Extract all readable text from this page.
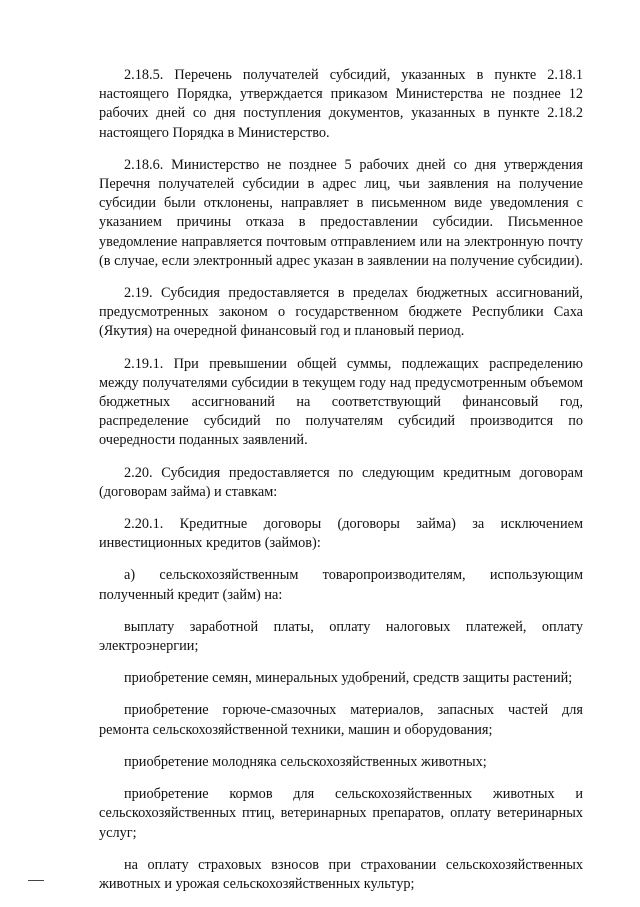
2.18.5. Перечень получателей субсидий, указанных в пункте 2.18.1 настоящего Порядка, утверждается приказом Министерства не позднее 12 рабочих дней со дня поступления документов, указанных в пункте 2.18.2 настоящего Порядка в Министерство.

2.18.6. Министерство не позднее 5 рабочих дней со дня утверждения Перечня получателей субсидии в адрес лиц, чьи заявления на получение субсидии были отклонены, направляет в письменном виде уведомления с указанием причины отказа в предоставлении субсидии. Письменное уведомление направляется почтовым отправлением или на электронную почту (в случае, если электронный адрес указан в заявлении на получение субсидии).

2.19. Субсидия предоставляется в пределах бюджетных ассигнований, предусмотренных законом о государственном бюджете Республики Саха (Якутия) на очередной финансовый год и плановый период.

2.19.1. При превышении общей суммы, подлежащих распределению между получателями субсидии в текущем году над предусмотренным объемом бюджетных ассигнований на соответствующий финансовый год, распределение субсидий по получателям субсидий производится по очередности поданных заявлений.

2.20. Субсидия предоставляется по следующим кредитным договорам (договорам займа) и ставкам:

2.20.1. Кредитные договоры (договоры займа) за исключением инвестиционных кредитов (займов):

а) сельскохозяйственным товаропроизводителям, использующим полученный кредит (займ) на:

выплату заработной платы, оплату налоговых платежей, оплату электроэнергии;

приобретение семян, минеральных удобрений, средств защиты растений;

приобретение горюче-смазочных материалов, запасных частей для ремонта сельскохозяйственной техники, машин и оборудования;

приобретение молодняка сельскохозяйственных животных;

приобретение кормов для сельскохозяйственных животных и сельскохозяйственных птиц, ветеринарных препаратов, оплату ветеринарных услуг;

на оплату страховых взносов при страховании сельскохозяйственных животных и урожая сельскохозяйственных культур;
